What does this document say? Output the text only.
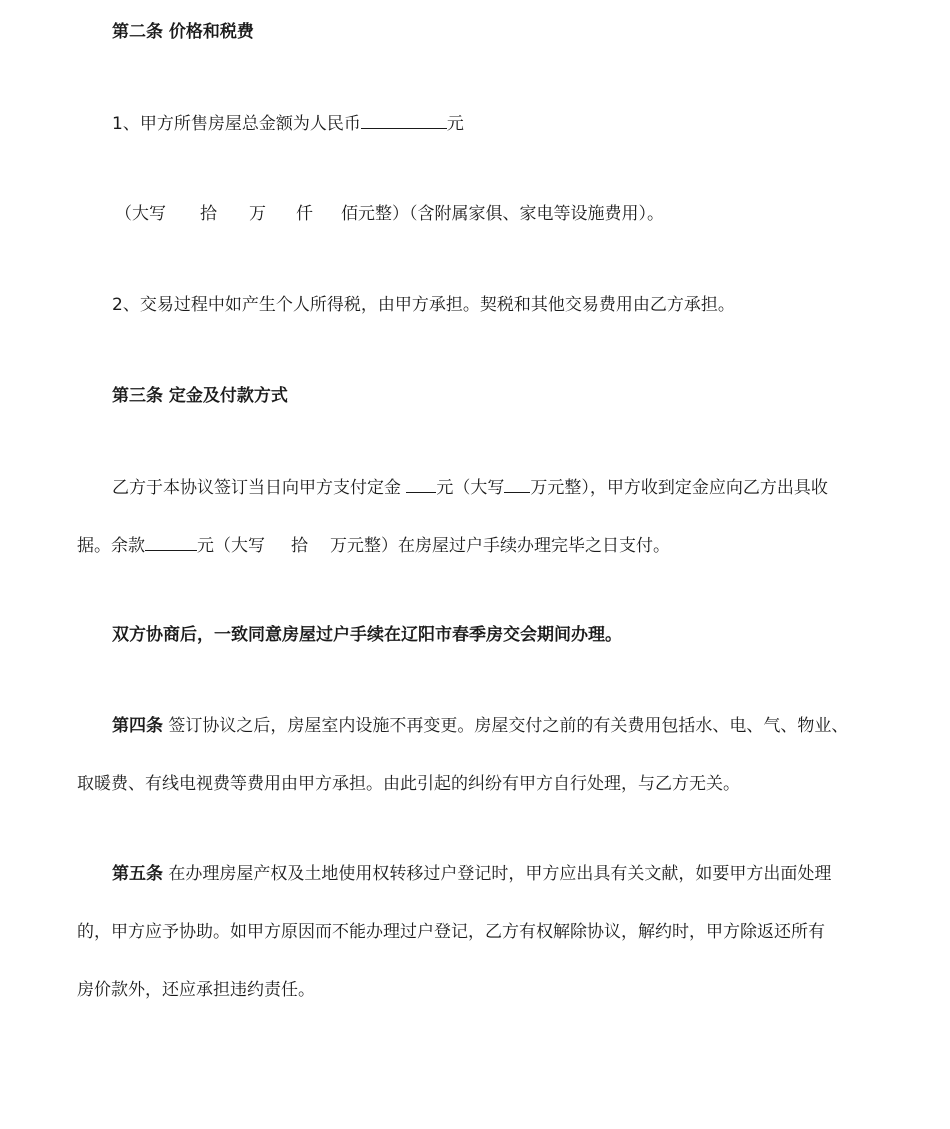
第二条 价格和税费
1、甲方所售房屋总金额为人民币	元
（大写 拾 万 仟 佰元整）（含附属家俱、家电等设施费用）。
2、交易过程中如产生个人所得税，由甲方承担。契税和其他交易费用由乙方承担。
第三条 定金及付款方式
乙方于本协议签订当日向甲方支付定金 元（大写 万元整），甲方收到定金应向乙方出具收
据。余款	元（大写 拾 万元整）在房屋过户手续办理完毕之日支付。
双方协商后，一致同意房屋过户手续在辽阳市春季房交会期间办理。
第四条 签订协议之后，房屋室内设施不再变更。房屋交付之前的有关费用包括水、电、气、物业、
取暖费、有线电视费等费用由甲方承担。由此引起的纠纷有甲方自行处理，与乙方无关。
第五条 在办理房屋产权及土地使用权转移过户登记时，甲方应出具有关文献，如要甲方出面处理
的，甲方应予协助。如甲方原因而不能办理过户登记，乙方有权解除协议，解约时，甲方除返还所有
房价款外，还应承担违约责任。
